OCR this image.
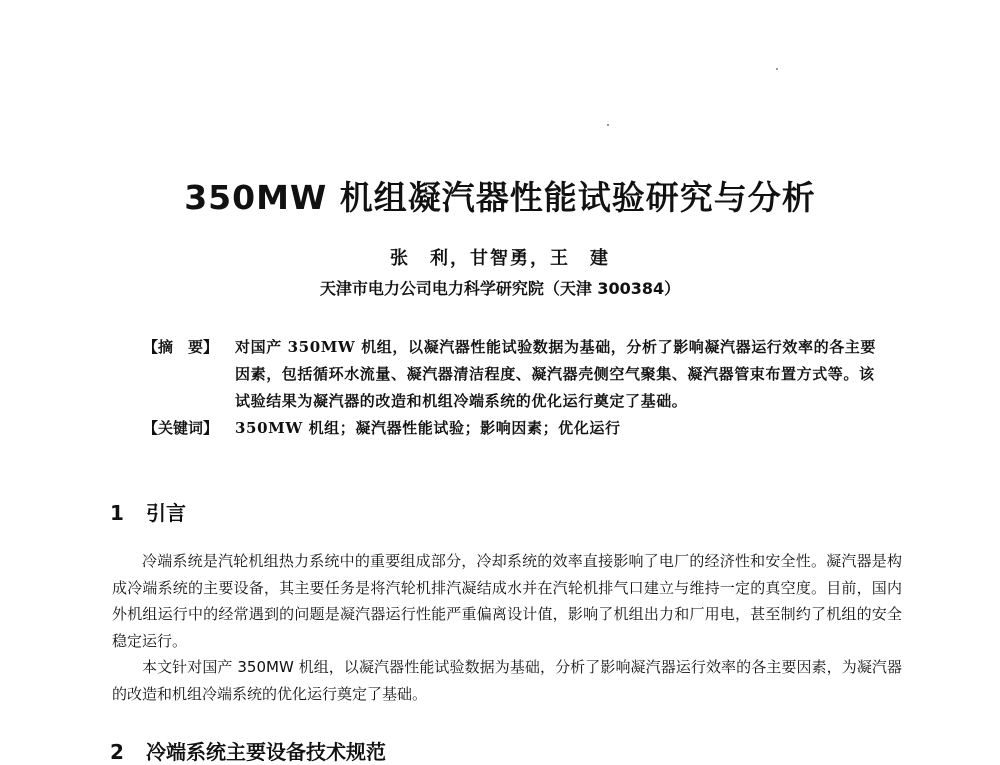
350MW 机组凝汽器性能试验研究与分析
张　利，甘智勇，王　建
天津市电力公司电力科学研究院（天津 300384）
【摘　要】	对国产 350MW 机组，以凝汽器性能试验数据为基础，分析了影响凝汽器运行效率的各主要因素，包括循环水流量、凝汽器清洁程度、凝汽器壳侧空气聚集、凝汽器管束布置方式等。该试验结果为凝汽器的改造和机组冷端系统的优化运行奠定了基础。
【关键词】	350MW 机组；凝汽器性能试验；影响因素；优化运行
1 引言

冷端系统是汽轮机组热力系统中的重要组成部分，冷却系统的效率直接影响了电厂的经济性和安全性。凝汽器是构成冷端系统的主要设备，其主要任务是将汽轮机排汽凝结成水并在汽轮机排气口建立与维持一定的真空度。目前，国内外机组运行中的经常遇到的问题是凝汽器运行性能严重偏离设计值，影响了机组出力和厂用电，甚至制约了机组的安全稳定运行。

本文针对国产 350MW 机组，以凝汽器性能试验数据为基础，分析了影响凝汽器运行效率的各主要因素，为凝汽器的改造和机组冷端系统的优化运行奠定了基础。

2 冷端系统主要设备技术规范
